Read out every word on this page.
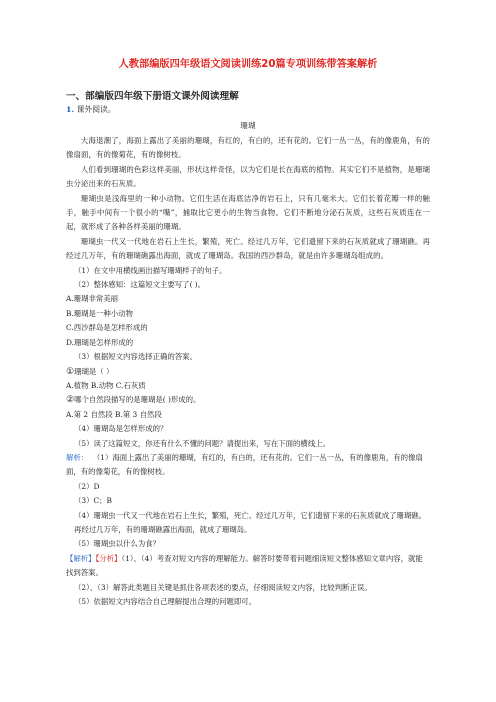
人教部编版四年级语文阅读训练20篇专项训练带答案解析
一、部编版四年级下册语文课外阅读理解
1. 课外阅读。
珊瑚

大海退潮了，海面上露出了美丽的珊瑚，有红的，有白的，还有花的。它们一丛一丛，有的像鹿角，有的像扇面，有的像菊花，有的像树枝。

人们看到珊瑚的色彩这样美丽，形状这样奇怪，以为它们是长在海底的植物。其实它们不是植物，是珊瑚虫分泌出来的石灰质。

珊瑚虫是浅海里的一种小动物。它们生活在海底洁净的岩石上，只有几毫米大。它们长着花瓣一样的触手，触手中间有一个很小的“嘴”，捕取比它更小的生物当食物。它们不断地分泌石灰质，这些石灰质连在一起，就形成了各种各样美丽的珊瑚。

珊瑚虫一代又一代地在岩石上生长，繁殖，死亡。经过几万年，它们遗留下来的石灰质就成了珊瑚礁。再经过几万年，有的珊瑚礁露出海面，就成了珊瑚岛。我国的西沙群岛，就是由许多珊瑚岛组成的。

（1）在文中用横线画出描写珊瑚样子的句子。

（2）整体感知：这篇短文主要写了( )。

A.珊瑚非常美丽

B.珊瑚是一种小动物

C.西沙群岛是怎样形成的

D.珊瑚是怎样形成的

（3）根据短文内容选择正确的答案。

①珊瑚是（ ）

A.植物 B.动物 C.石灰质

②哪个自然段描写的是珊瑚是( )形成的。

A.第 2 自然段 B.第 3 自然段

（4）珊瑚岛是怎样形成的？

（5）读了这篇短文，你还有什么不懂的问题？请提出来，写在下面的横线上。

解析： （1）海面上露出了美丽的珊瑚，有红的，有白的，还有花的。它们一丛一丛，有的像鹿角，有的像扇面，有的像菊花，有的像树枝。

（2）D

（3）C；B

（4）珊瑚虫一代又一代地在岩石上生长，繁殖，死亡。经过几万年，它们遗留下来的石灰质就成了珊瑚礁。再经过几万年，有的珊瑚礁露出海面，就成了珊瑚岛。

（5）珊瑚虫以什么为食？

【解析】【分析】（1）、（4）考查对短文内容的理解能力。解答时要带着问题细读短文整体感知文章内容，就能找到答案。

（2）、（3）解答此类题目关键是抓住各项表述的要点，仔细阅读短文内容，比较判断正误。

（5）依据短文内容结合自己理解提出合理的问题即可。
